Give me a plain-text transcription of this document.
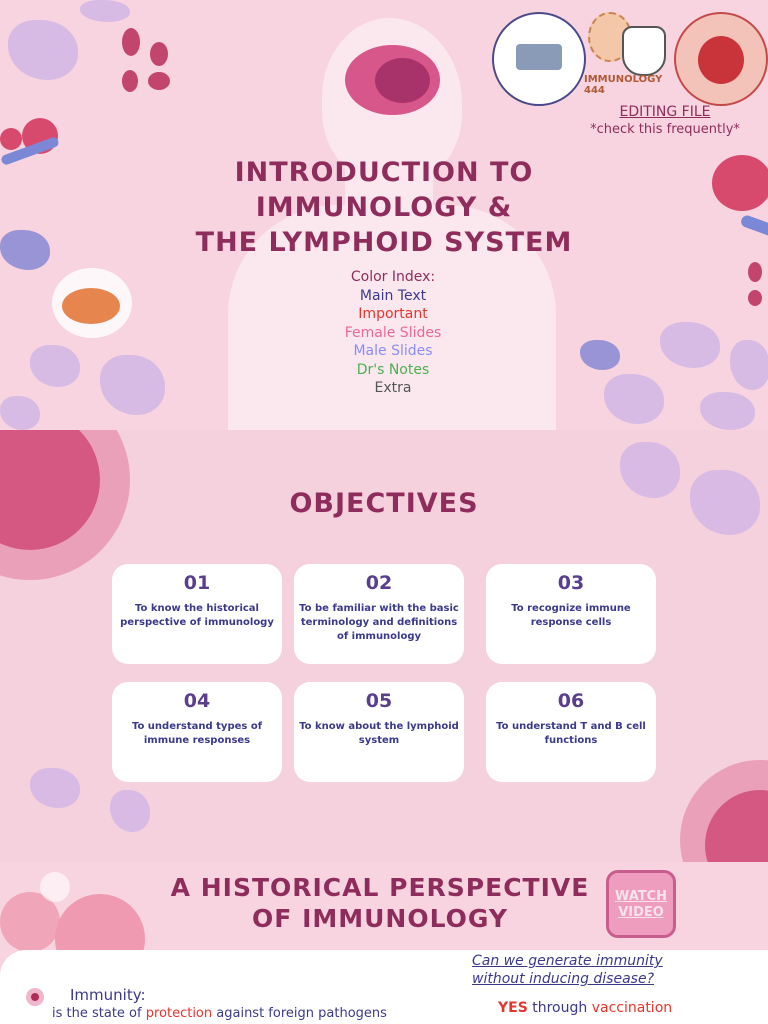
IMMUNOLOGY 444
EDITING FILE
*check this frequently*
INTRODUCTION TO
IMMUNOLOGY &
THE LYMPHOID SYSTEM
Color Index:
Main Text
Important
Female Slides
Male Slides
Dr's Notes
Extra
OBJECTIVES
01
To know the historical perspective of immunology
02
To be familiar with the basic terminology and definitions of immunology
03
To recognize immune response cells
04
To understand types of immune responses
05
To know about the lymphoid system
06
To understand T and B cell functions
A HISTORICAL PERSPECTIVE
OF IMMUNOLOGY
WATCH
VIDEO
Immunity:
is the state of protection against foreign pathogens
Can we generate immunity
without inducing disease?
YES through vaccination
